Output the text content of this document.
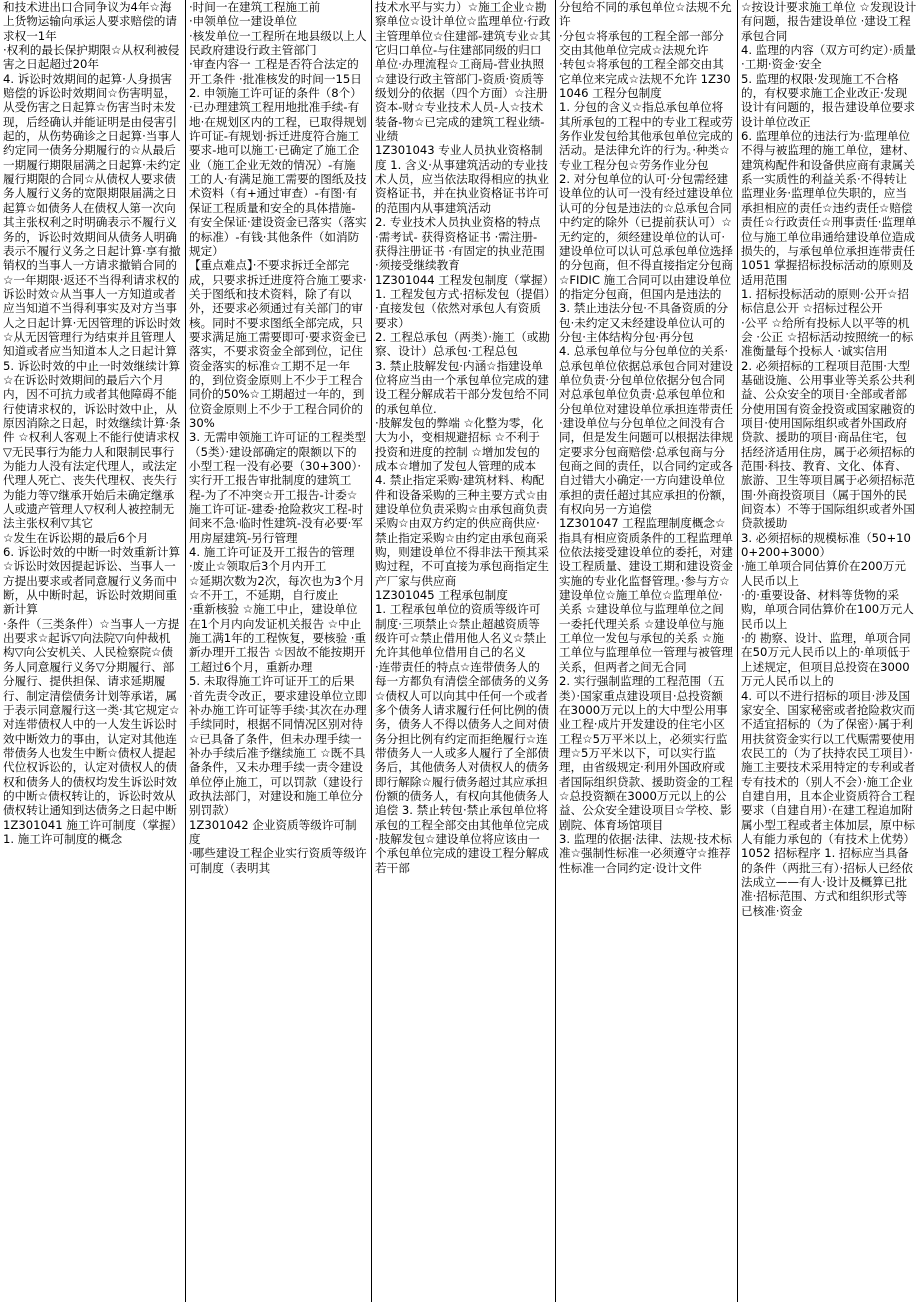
和技术进出口合同争议为4年☆海上货物运输向承运人要求赔偿的请求权一1年

·权利的最长保护期限☆从权利被侵害之日起超过20年

4. 诉讼时效期间的起算·人身损害赔偿的诉讼时效期间☆伤害明显，从受伤害之日起算☆伤害当时未发现，后经确认并能证明是由侵害引起的，从伤势确诊之日起算·当事人约定同一债务分期履行的☆从最后一期履行期限届满之日起算·未约定履行期限的合同☆从债权人要求债务人履行义务的宽限期限届满之日起算☆如债务人在债权人第一次向其主张权利之时明确表示不履行义务的，诉讼时效期间从债务人明确表示不履行义务之日起计算·享有撤销权的当事人一方请求撤销合同的☆一年期限·返还不当得利请求权的诉讼时效☆从当事人一方知道或者应当知道不当得利事实及对方当事人之日起计算·无因管理的诉讼时效☆从无因管理行为结束并且管理人知道或者应当知道本人之日起计算

5. 诉讼时效的中止一时效继续计算☆在诉讼时效期间的最后六个月内，因不可抗力或者其他障碍不能行使请求权的，诉讼时效中止，从原因消除之日起，时效继续计算·条件 ☆权利人客观上不能行使请求权 ▽无民事行为能力人和限制民事行为能力人没有法定代理人，或法定代理人死亡、丧失代理权、丧失行为能力等▽继承开始后未确定继承人或遗产管理人▽权利人被控制无法主张权利▽其它

☆发生在诉讼期的最后6个月

6. 诉讼时效的中断一时效重新计算☆诉讼时效因提起诉讼、当事人一方提出要求或者同意履行义务而中断，从中断时起，诉讼时效期间重新计算

·条件（三类条件）☆当事人一方提出要求☆起诉▽向法院▽向仲裁机构▽向公安机关、人民检察院☆债务人同意履行义务▽分期履行、部分履行、提供担保、请求延期履行、制定清偿债务计划等承诺，属于表示同意履行这一类·其它规定☆对连带债权人中的一人发生诉讼时效中断效力的事由，认定对其他连带债务人也发生中断☆债权人提起代位权诉讼的，认定对债权人的债权和债务人的债权均发生诉讼时效的中断☆债权转让的，诉讼时效从债权转让通知到达债务之日起中断

1Z301041 施工许可制度（掌握）

1. 施工许可制度的概念

·时间一在建筑工程施工前

·申领单位一建设单位

·核发单位一工程所在地县级以上人民政府建设行政主管部门

·审查内容一 工程是否符合法定的开工条件 ·批准核发的时间一15日

2. 申领施工许可证的条件（8个）

·已办理建筑工程用地批准手续-有地·在规划区内的工程，已取得规划许可证-有规划·拆迁进度符合施工要求-地可以施工·已确定了施工企业（施工企业无效的情况）-有施工的人·有满足施工需要的图纸及技术资料（有+通过审查）-有图·有保证工程质量和安全的具体措施-有安全保证·建设资金已落实（落实的标准）-有钱·其他条件（如消防规定）

【重点难点】·不要求拆迁全部完成，只要求拆迁进度符合施工要求·关于图纸和技术资料，除了有以外，还要求必须通过有关部门的审核。同时不要求图纸全部完成，只要求满足施工需要即可·要求资金已落实，不要求资金全部到位，记住资金落实的标准☆工期不足一年的，到位资金原则上不少于工程合同价的50%☆工期超过一年的，到位资金原则上不少于工程合同价的30%

3. 无需申领施工许可证的工程类型（5类）·建设部确定的限额以下的小型工程一没有必要（30+300）·实行开工报告审批制度的建筑工程-为了不冲突☆开工报告-计委☆施工许可证-建委·抢险救灾工程-时间来不急·临时性建筑-没有必要·军用房屋建筑-另行管理

4. 施工许可证及开工报告的管理

·废止☆领取后3个月内开工

☆延期次数为2次，每次也为3个月☆不开工，不延期，自行废止

·重新核验 ☆施工中止，建设单位在1个月内向发证机关报告 ☆中止施工满1年的工程恢复，要核验 ·重新办理开工报告 ☆因故不能按期开工超过6个月，重新办理

5. 未取得施工许可证开工的后果

·首先责令改正，要求建设单位立即补办施工许可证等手续·其次在办理手续同时，根据不同情况区别对待☆已具备了条件，但未办理手续一 补办手续后准予继续施工 ☆既不具备条件，又未办理手续一责令建设单位停止施工，可以罚款（建设行政执法部门，对建设和施工单位分别罚款）

1Z301042 企业资质等级许可制度

·哪些建设工程企业实行资质等级许可制度（表明其

技术水平与实力）☆施工企业☆勘察单位☆设计单位☆监理单位·行政主管理单位☆住建部-建筑专业☆其它归口单位-与住建部同级的归口单位·办理流程☆工商局-营业执照☆建设行政主管部门-资质·资质等级划分的依据（四个方面）☆注册资本-财☆专业技术人员-人☆技术装备-物☆已完成的建筑工程业绩-业绩

1Z301043 专业人员执业资格制度 1. 含义·从事建筑活动的专业技术人员，应当依法取得相应的执业资格证书，并在执业资格证书许可的范围内从事建筑活动

2. 专业技术人员执业资格的特点

·需考试- 获得资格证书 ·需注册- 获得注册证书 ·有固定的执业范围 ·须接受继续教育

1Z301044 工程发包制度（掌握）

1. 工程发包方式·招标发包（提倡）·直接发包（依然对承包人有资质要求）

2. 工程总承包（两类）·施工（或勘察、设计）总承包·工程总包

3. 禁止肢解发包·内涵☆指建设单位将应当由一个承包单位完成的建设工程分解成若干部分发包给不同的承包单位.

·肢解发包的弊端 ☆化整为零，化大为小，变相规避招标 ☆不利于投资和进度的控制 ☆增加发包的成本☆增加了发包人管理的成本

4. 禁止指定采购·建筑材料、构配件和设备采购的三种主要方式☆由建设单位负责采购☆由承包商负责采购☆由双方约定的供应商供应·禁止指定采购☆由约定由承包商采购，则建设单位不得非法干预其采购过程，不可直接为承包商指定生产厂家与供应商

1Z301045 工程承包制度

1. 工程承包单位的资质等级许可制度·三项禁止☆禁止超越资质等级许可☆禁止借用他人名义☆禁止允许其他单位借用自己的名义

·连带责任的特点☆连带债务人的每一方都负有清偿全部债务的义务☆债权人可以向其中任何一个或者多个债务人请求履行任何比例的债务，债务人不得以债务人之间对债务分担比例有约定而拒绝履行☆连带债务人一人或多人履行了全部债务后，其他债务人对债权人的债务即行解除☆履行债务超过其应承担份额的债务人，有权向其他债务人追偿 3. 禁止转包·禁止承包单位将承包的工程全部交由其他单位完成

·肢解发包☆建设单位将应该由一个承包单位完成的建设工程分解成若干部

分包给不同的承包单位☆法规不允许

·分包☆将承包的工程全部一部分交由其他单位完成☆法规允许

·转包☆将承包的工程全部交由其它单位来完成☆法规不允许 1Z301046 工程分包制度

1. 分包的含义☆指总承包单位将其所承包的工程中的专业工程或劳务作业发包给其他承包单位完成的活动。是法律允许的行为。·种类☆专业工程分包☆劳务作业分包

2. 对分包单位的认可·分包需经建设单位的认可一没有经过建设单位认可的分包是违法的☆总承包合同中约定的除外（已提前获认可）☆无约定的，须经建设单位的认可·建设单位可以认可总承包单位选择的分包商，但不得直接指定分包商 ☆FIDIC 施工合同可以由建设单位的指定分包商，但国内是违法的

3. 禁止违法分包·不具备资质的分包·未约定又未经建设单位认可的分包·主体结构分包·再分包

4. 总承包单位与分包单位的关系·总承包单位依据总承包合同对建设单位负责·分包单位依据分包合同对总承包单位负责·总承包单位和分包单位对建设单位承担连带责任·建设单位与分包单位之间没有合同，但是发生问题可以根据法律规定要求分包商赔偿·总承包商与分包商之间的责任，以合同约定或各自过错大小确定·一方向建设单位承担的责任超过其应承担的份额，有权向另一方追偿

1Z301047 工程监理制度概念☆指具有相应资质条件的工程监理单位依法接受建设单位的委托，对建设工程质量、建设工期和建设资金实施的专业化监督管理。·参与方☆建设单位☆施工单位☆监理单位·关系 ☆建设单位与监理单位之间一委托代理关系 ☆建设单位与施工单位一发包与承包的关系 ☆施工单位与监理单位一管理与被管理关系，但两者之间无合同

2. 实行强制监理的工程范围（五类）·国家重点建设项目·总投资额在3000万元以上的大中型公用事业工程·成片开发建设的住宅小区工程☆5万平米以上，必须实行监理☆5万平米以下，可以实行监理，由省级规定·利用外国政府或者国际组织贷款、援助资金的工程☆总投资额在3000万元以上的公益、公众安全建设项目☆学校、影剧院、体育场馆项目

3. 监理的依据·法律、法规·技术标准☆强制性标准一必须遵守☆推荐性标准一合同约定·设计文件

☆按设计要求施工单位 ☆发现设计有问题，报告建设单位 ·建设工程承包合同

4. 监理的内容（双方可约定）·质量·工期·资金·安全

5. 监理的权限·发现施工不合格的，有权要求施工企业改正·发现设计有问题的，报告建设单位要求设计单位改正

6. 监理单位的违法行为·监理单位不得与被监理的施工单位，建材、建筑构配件和设备供应商有隶属关系一实质性的利益关系·不得转让监理业务·监理单位失职的，应当承担相应的责任☆违约责任☆赔偿责任☆行政责任☆刑事责任·监理单位与施工单位串通给建设单位造成损失的，与承包单位承担连带责任 1051 掌握招标投标活动的原则及适用范围

1. 招标投标活动的原则·公开☆招标信息公开 ☆招标过程公开

·公平 ☆给所有投标人以平等的机会 ·公正 ☆招标活动按照统一的标准衡量每个投标人 ·诚实信用

2. 必须招标的工程项目范围·大型基础设施、公用事业等关系公共利益、公众安全的项目·全部或者部分使用国有资金投资或国家融资的项目·使用国际组织或者外国政府贷款、援助的项目·商品住宅，包括经济适用住房，属于必须招标的范围·科技、教育、文化、体育、旅游、卫生等项目属于必须招标范围·外商投资项目（属于国外的民间资本）不等于国际组织或者外国贷款援助

3. 必须招标的规模标准（50+100+200+3000）

·施工单项合同估算价在200万元人民币以上

·的·重要设备、材料等货物的采购，单项合同估算价在100万元人民币以上

·的 勘察、设计、监理，单项合同在50万元人民币以上的·单项低于上述规定，但项目总投资在3000万元人民币以上的

4. 可以不进行招标的项目·涉及国家安全、国家秘密或者抢险救灾而不适宜招标的（为了保密）·属于利用扶贫资金实行以工代赈需要使用农民工的（为了扶持农民工项目）·施工主要技术采用特定的专利或者专有技术的（别人不会）·施工企业自建自用，且本企业资质符合工程要求（自建自用）·在建工程追加附属小型工程或者主体加层，原中标人有能力承包的（有技术上优势）

1052 招标程序 1. 招标应当具备的条件（两批三有）·招标人已经依法成立——有人·设计及概算已批准·招标范围、方式和组织形式等已核准·资金
